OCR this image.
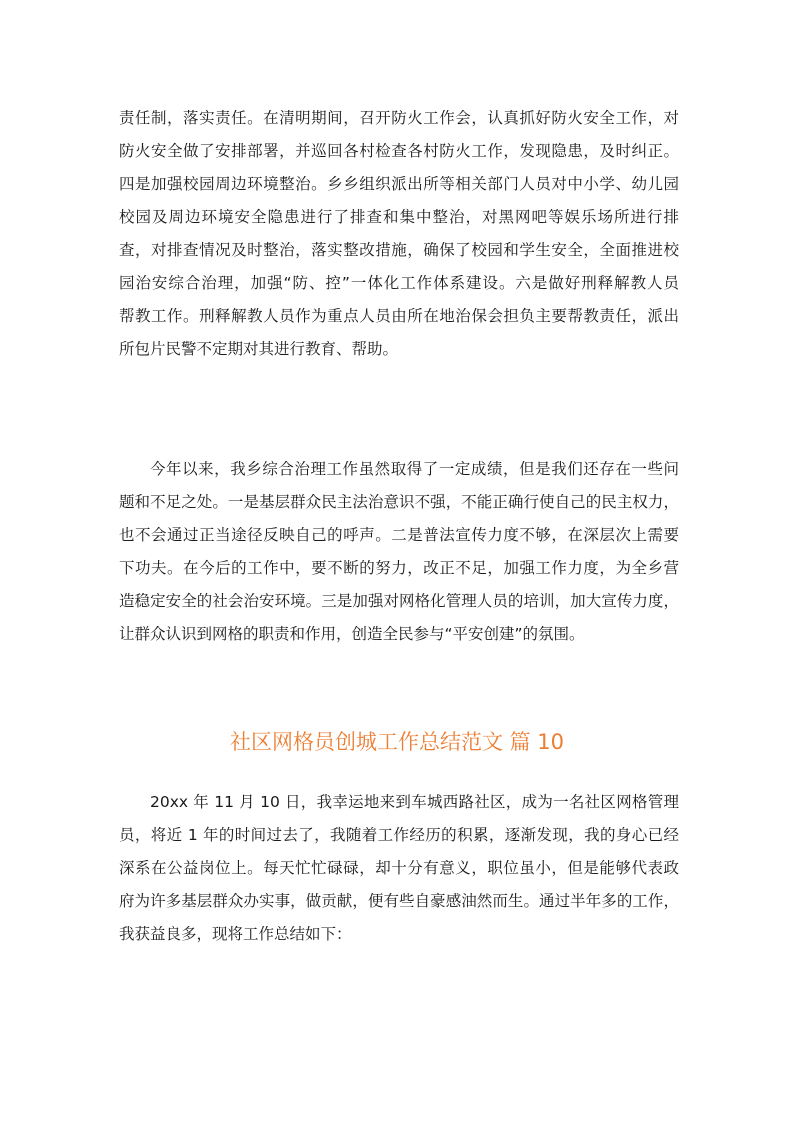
责任制，落实责任。在清明期间，召开防火工作会，认真抓好防火安全工作，对
防火安全做了安排部署，并巡回各村检查各村防火工作，发现隐患，及时纠正。
四是加强校园周边环境整治。乡乡组织派出所等相关部门人员对中小学、幼儿园
校园及周边环境安全隐患进行了排查和集中整治，对黑网吧等娱乐场所进行排
查，对排查情况及时整治，落实整改措施，确保了校园和学生安全，全面推进校
园治安综合治理，加强“防、控”一体化工作体系建设。六是做好刑释解教人员
帮教工作。刑释解教人员作为重点人员由所在地治保会担负主要帮教责任，派出
所包片民警不定期对其进行教育、帮助。
今年以来，我乡综合治理工作虽然取得了一定成绩，但是我们还存在一些问
题和不足之处。一是基层群众民主法治意识不强，不能正确行使自己的民主权力，
也不会通过正当途径反映自己的呼声。二是普法宣传力度不够，在深层次上需要
下功夫。在今后的工作中，要不断的努力，改正不足，加强工作力度，为全乡营
造稳定安全的社会治安环境。三是加强对网格化管理人员的培训，加大宣传力度，
让群众认识到网格的职责和作用，创造全民参与“平安创建”的氛围。
社区网格员创城工作总结范文 篇 10
20xx 年 11 月 10 日，我幸运地来到车城西路社区，成为一名社区网格管理
员，将近 1 年的时间过去了，我随着工作经历的积累，逐渐发现，我的身心已经
深系在公益岗位上。每天忙忙碌碌，却十分有意义，职位虽小，但是能够代表政
府为许多基层群众办实事，做贡献，便有些自豪感油然而生。通过半年多的工作，
我获益良多，现将工作总结如下：
